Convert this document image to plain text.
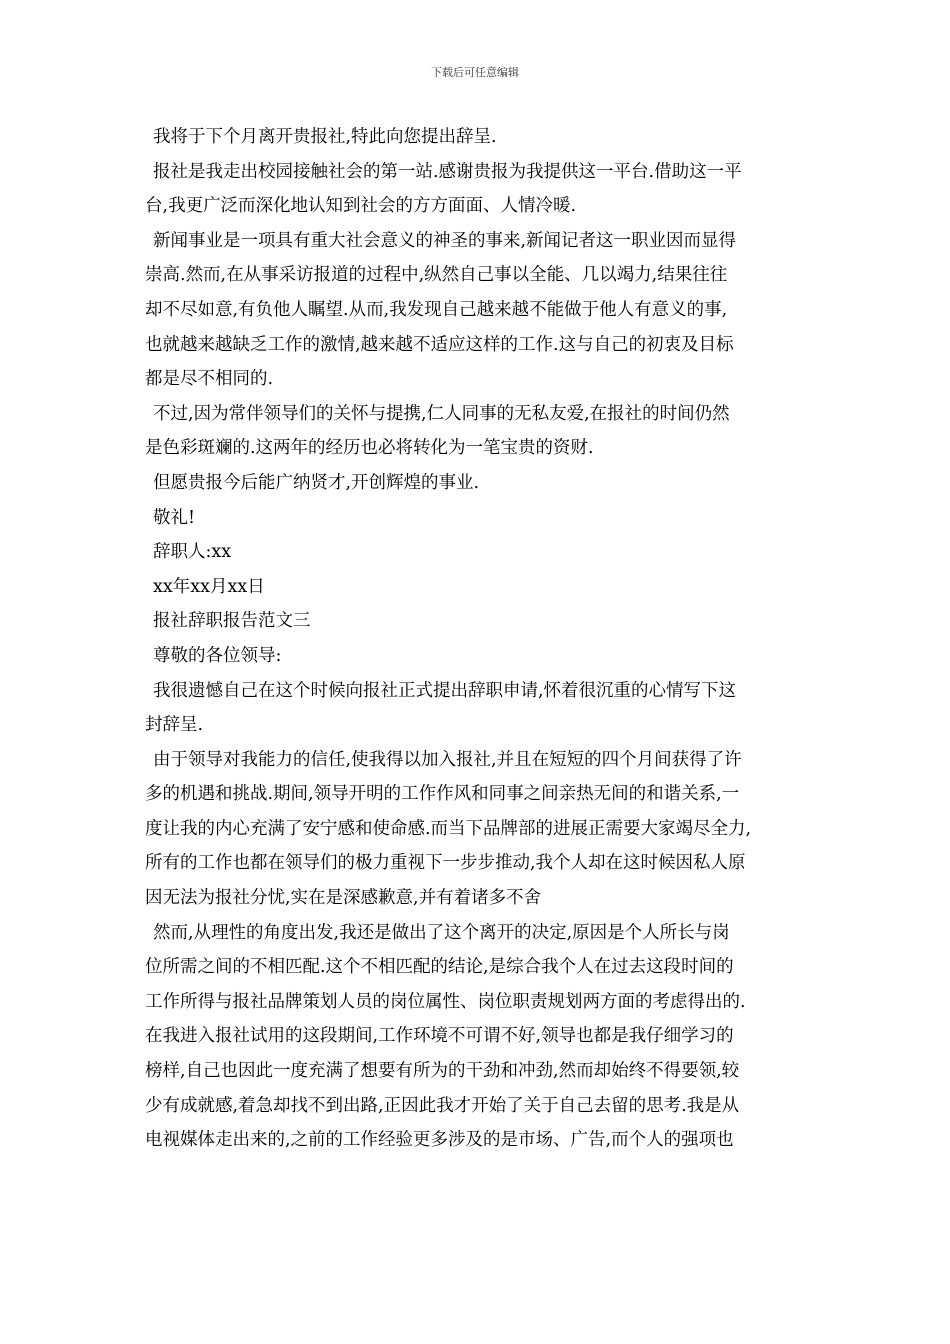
下载后可任意编辑
我将于下个月离开贵报社,特此向您提出辞呈.
报社是我走出校园接触社会的第一站.感谢贵报为我提供这一平台.借助这一平
台,我更广泛而深化地认知到社会的方方面面、人情冷暖.
新闻事业是一项具有重大社会意义的神圣的事来,新闻记者这一职业因而显得
崇高.然而,在从事采访报道的过程中,纵然自己事以全能、几以竭力,结果往往
却不尽如意,有负他人瞩望.从而,我发现自己越来越不能做于他人有意义的事,
也就越来越缺乏工作的激情,越来越不适应这样的工作.这与自己的初衷及目标
都是尽不相同的.
不过,因为常伴领导们的关怀与提携,仁人同事的无私友爱,在报社的时间仍然
是色彩斑斓的.这两年的经历也必将转化为一笔宝贵的资财.
但愿贵报今后能广纳贤才,开创辉煌的事业.
敬礼!
辞职人:xx
xx年xx月xx日
报社辞职报告范文三
尊敬的各位领导:
我很遗憾自己在这个时候向报社正式提出辞职申请,怀着很沉重的心情写下这
封辞呈.
由于领导对我能力的信任,使我得以加入报社,并且在短短的四个月间获得了许
多的机遇和挑战.期间,领导开明的工作作风和同事之间亲热无间的和谐关系,一
度让我的内心充满了安宁感和使命感.而当下品牌部的进展正需要大家竭尽全力,
所有的工作也都在领导们的极力重视下一步步推动,我个人却在这时候因私人原
因无法为报社分忧,实在是深感歉意,并有着诸多不舍
然而,从理性的角度出发,我还是做出了这个离开的决定,原因是个人所长与岗
位所需之间的不相匹配.这个不相匹配的结论,是综合我个人在过去这段时间的
工作所得与报社品牌策划人员的岗位属性、岗位职责规划两方面的考虑得出的.
在我进入报社试用的这段期间,工作环境不可谓不好,领导也都是我仔细学习的
榜样,自己也因此一度充满了想要有所为的干劲和冲劲,然而却始终不得要领,较
少有成就感,着急却找不到出路,正因此我才开始了关于自己去留的思考.我是从
电视媒体走出来的,之前的工作经验更多涉及的是市场、广告,而个人的强项也
